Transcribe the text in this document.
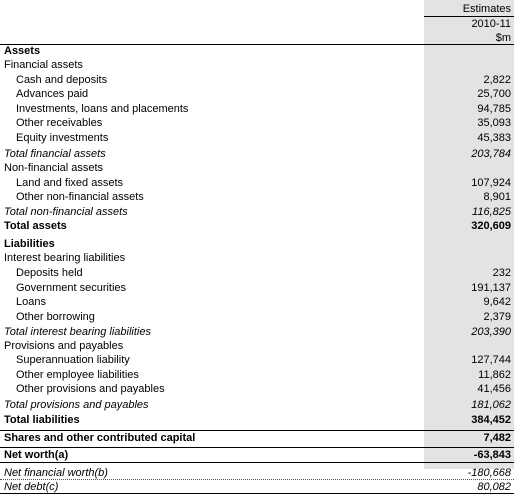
Estimates
2010-11
$m
Assets
Financial assets
Cash and deposits	2,822
Advances paid	25,700
Investments, loans and placements	94,785
Other receivables	35,093
Equity investments	45,383
Total financial assets	203,784
Non-financial assets
Land and fixed assets	107,924
Other non-financial assets	8,901
Total non-financial assets	116,825
Total assets	320,609
Liabilities
Interest bearing liabilities
Deposits held	232
Government securities	191,137
Loans	9,642
Other borrowing	2,379
Total interest bearing liabilities	203,390
Provisions and payables
Superannuation liability	127,744
Other employee liabilities	11,862
Other provisions and payables	41,456
Total provisions and payables	181,062
Total liabilities	384,452
Shares and other contributed capital	7,482
Net worth(a)	-63,843
Net financial worth(b)	-180,668
Net debt(c)	80,082
